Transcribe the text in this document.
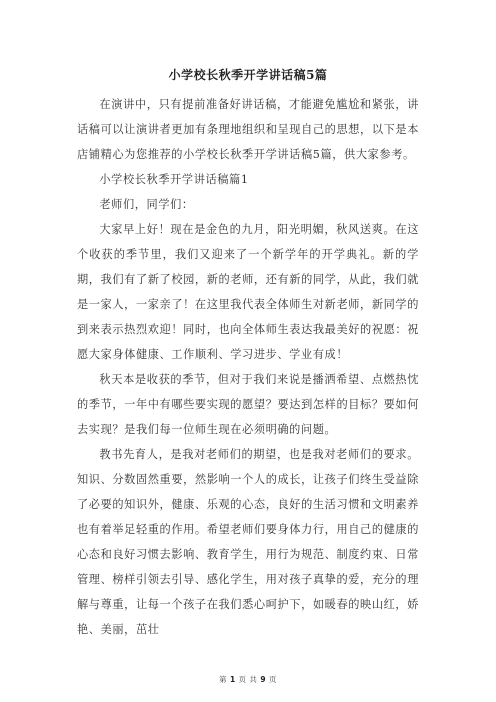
小学校长秋季开学讲话稿5篇

在演讲中，只有提前准备好讲话稿，才能避免尴尬和紧张，讲话稿可以让演讲者更加有条理地组织和呈现自己的思想，以下是本店铺精心为您推荐的小学校长秋季开学讲话稿5篇，供大家参考。

小学校长秋季开学讲话稿篇1

老师们，同学们：

大家早上好！现在是金色的九月，阳光明媚，秋风送爽。在这个收获的季节里，我们又迎来了一个新学年的开学典礼。新的学期，我们有了新了校园，新的老师，还有新的同学，从此，我们就是一家人，一家亲了！在这里我代表全体师生对新老师，新同学的到来表示热烈欢迎！同时，也向全体师生表达我最美好的祝愿：祝愿大家身体健康、工作顺利、学习进步、学业有成！

秋天本是收获的季节，但对于我们来说是播洒希望、点燃热忱的季节，一年中有哪些要实现的愿望？要达到怎样的目标？要如何去实现？是我们每一位师生现在必须明确的问题。

教书先育人，是我对老师们的期望，也是我对老师们的要求。知识、分数固然重要，然影响一个人的成长，让孩子们终生受益除了必要的知识外，健康、乐观的心态，良好的生活习惯和文明素养也有着举足轻重的作用。希望老师们要身体力行，用自己的健康的心态和良好习惯去影响、教育学生，用行为规范、制度约束、日常管理、榜样引领去引导、感化学生，用对孩子真挚的爱，充分的理解与尊重，让每一个孩子在我们悉心呵护下，如暖春的映山红，娇艳、美丽，茁壮

第 1 页 共 9 页
